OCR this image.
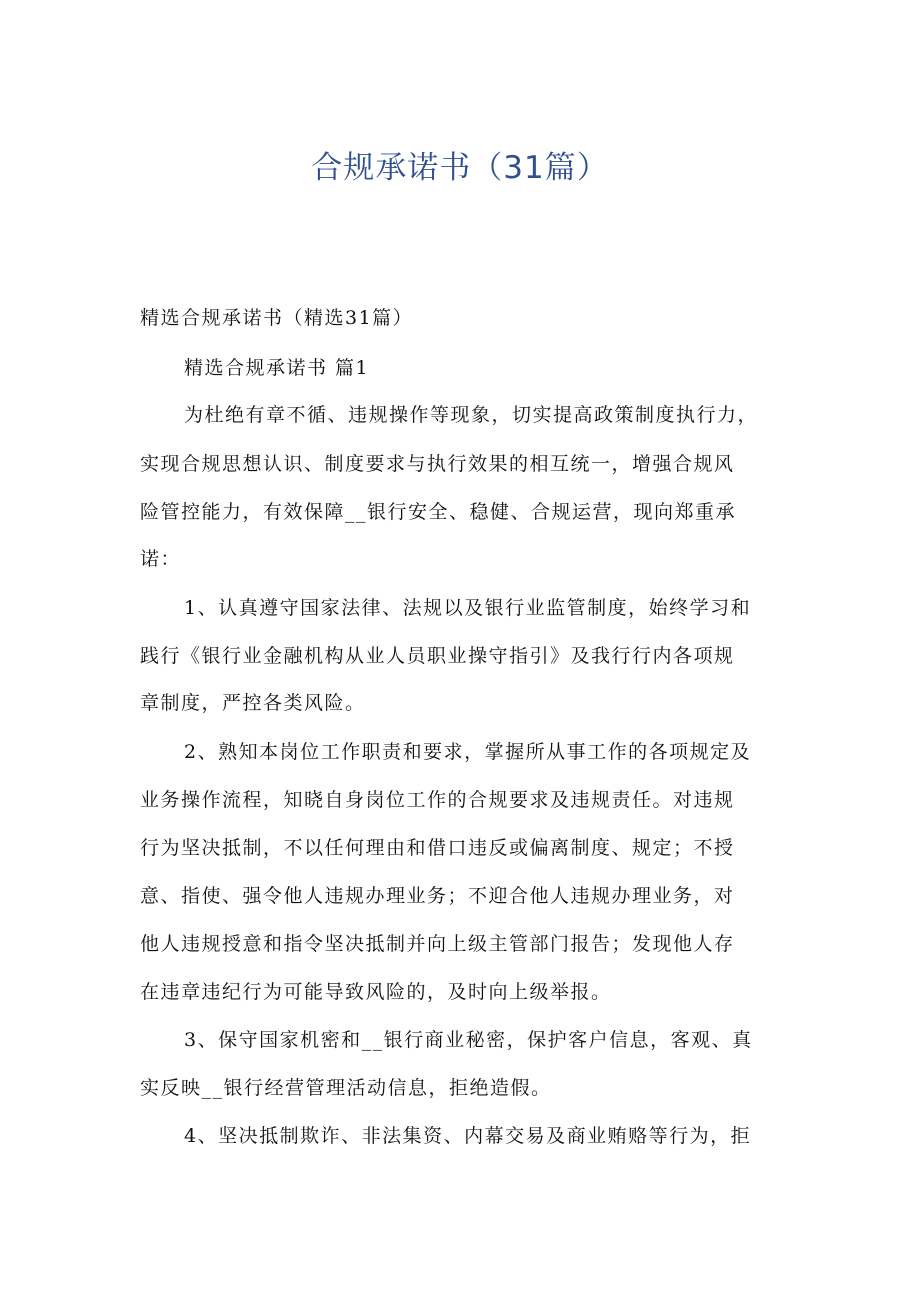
合规承诺书（31篇）
精选合规承诺书（精选31篇）
精选合规承诺书 篇1
为杜绝有章不循、违规操作等现象，切实提高政策制度执行力，
实现合规思想认识、制度要求与执行效果的相互统一，增强合规风
险管控能力，有效保障__银行安全、稳健、合规运营，现向郑重承
诺：
1、认真遵守国家法律、法规以及银行业监管制度，始终学习和
践行《银行业金融机构从业人员职业操守指引》及我行行内各项规
章制度，严控各类风险。
2、熟知本岗位工作职责和要求，掌握所从事工作的各项规定及
业务操作流程，知晓自身岗位工作的合规要求及违规责任。对违规
行为坚决抵制，不以任何理由和借口违反或偏离制度、规定；不授
意、指使、强令他人违规办理业务；不迎合他人违规办理业务，对
他人违规授意和指令坚决抵制并向上级主管部门报告；发现他人存
在违章违纪行为可能导致风险的，及时向上级举报。
3、保守国家机密和__银行商业秘密，保护客户信息，客观、真
实反映__银行经营管理活动信息，拒绝造假。
4、坚决抵制欺诈、非法集资、内幕交易及商业贿赂等行为，拒
